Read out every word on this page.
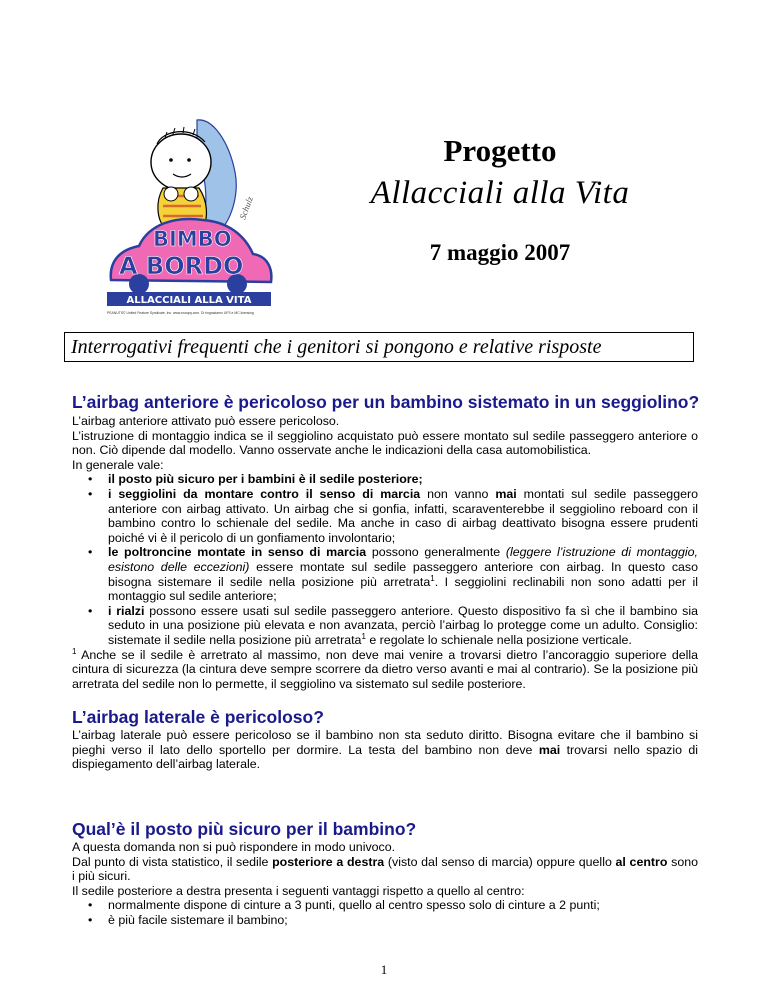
Schulz
BIMBO
A BORDO
ALLACCIALI ALLA VITA
PEANUTS© United Feature Syndicate, Inc. www.snoopy.com. Di ringraziamo UFS e MC licensing
Progetto
Allacciali alla Vita
7 maggio 2007
Interrogativi frequenti che i genitori si pongono e relative risposte
L’airbag anteriore è pericoloso per un bambino sistemato in un seggiolino?

L’airbag anteriore attivato può essere pericoloso.

L’istruzione di montaggio indica se il seggiolino acquistato può essere montato sul sedile passeggero anteriore o non. Ciò dipende dal modello. Vanno osservate anche le indicazioni della casa automobilistica.

In generale vale:

• il posto più sicuro per i bambini è il sedile posteriore;

• i seggiolini da montare contro il senso di marcia non vanno mai montati sul sedile passeggero anteriore con airbag attivato. Un airbag che si gonfia, infatti, scaraventerebbe il seggiolino reboard con il bambino contro lo schienale del sedile. Ma anche in caso di airbag deattivato bisogna essere prudenti poiché vi è il pericolo di un gonfiamento involontario;

• le poltroncine montate in senso di marcia possono generalmente (leggere l’istruzione di montaggio, esistono delle eccezioni) essere montate sul sedile passeggero anteriore con airbag. In questo caso bisogna sistemare il sedile nella posizione più arretrata$^1$. I seggiolini reclinabili non sono adatti per il montaggio sul sedile anteriore;

• i rialzi possono essere usati sul sedile passeggero anteriore. Questo dispositivo fa sì che il bambino sia seduto in una posizione più elevata e non avanzata, perciò l’airbag lo protegge come un adulto. Consiglio: sistemate il sedile nella posizione più arretrata$^1$ e regolate lo schienale nella posizione verticale.

$^1$ Anche se il sedile è arretrato al massimo, non deve mai venire a trovarsi dietro l’ancoraggio superiore della cintura di sicurezza (la cintura deve sempre scorrere da dietro verso avanti e mai al contrario). Se la posizione più arretrata del sedile non lo permette, il seggiolino va sistemato sul sedile posteriore.

L’airbag laterale è pericoloso?

L’airbag laterale può essere pericoloso se il bambino non sta seduto diritto. Bisogna evitare che il bambino si pieghi verso il lato dello sportello per dormire. La testa del bambino non deve mai trovarsi nello spazio di dispiegamento dell’airbag laterale.

Qual’è il posto più sicuro per il bambino?

A questa domanda non si può rispondere in modo univoco.

Dal punto di vista statistico, il sedile posteriore a destra (visto dal senso di marcia) oppure quello al centro sono i più sicuri.

Il sedile posteriore a destra presenta i seguenti vantaggi rispetto a quello al centro:

• normalmente dispone di cinture a 3 punti, quello al centro spesso solo di cinture a 2 punti;

• è più facile sistemare il bambino;

1
